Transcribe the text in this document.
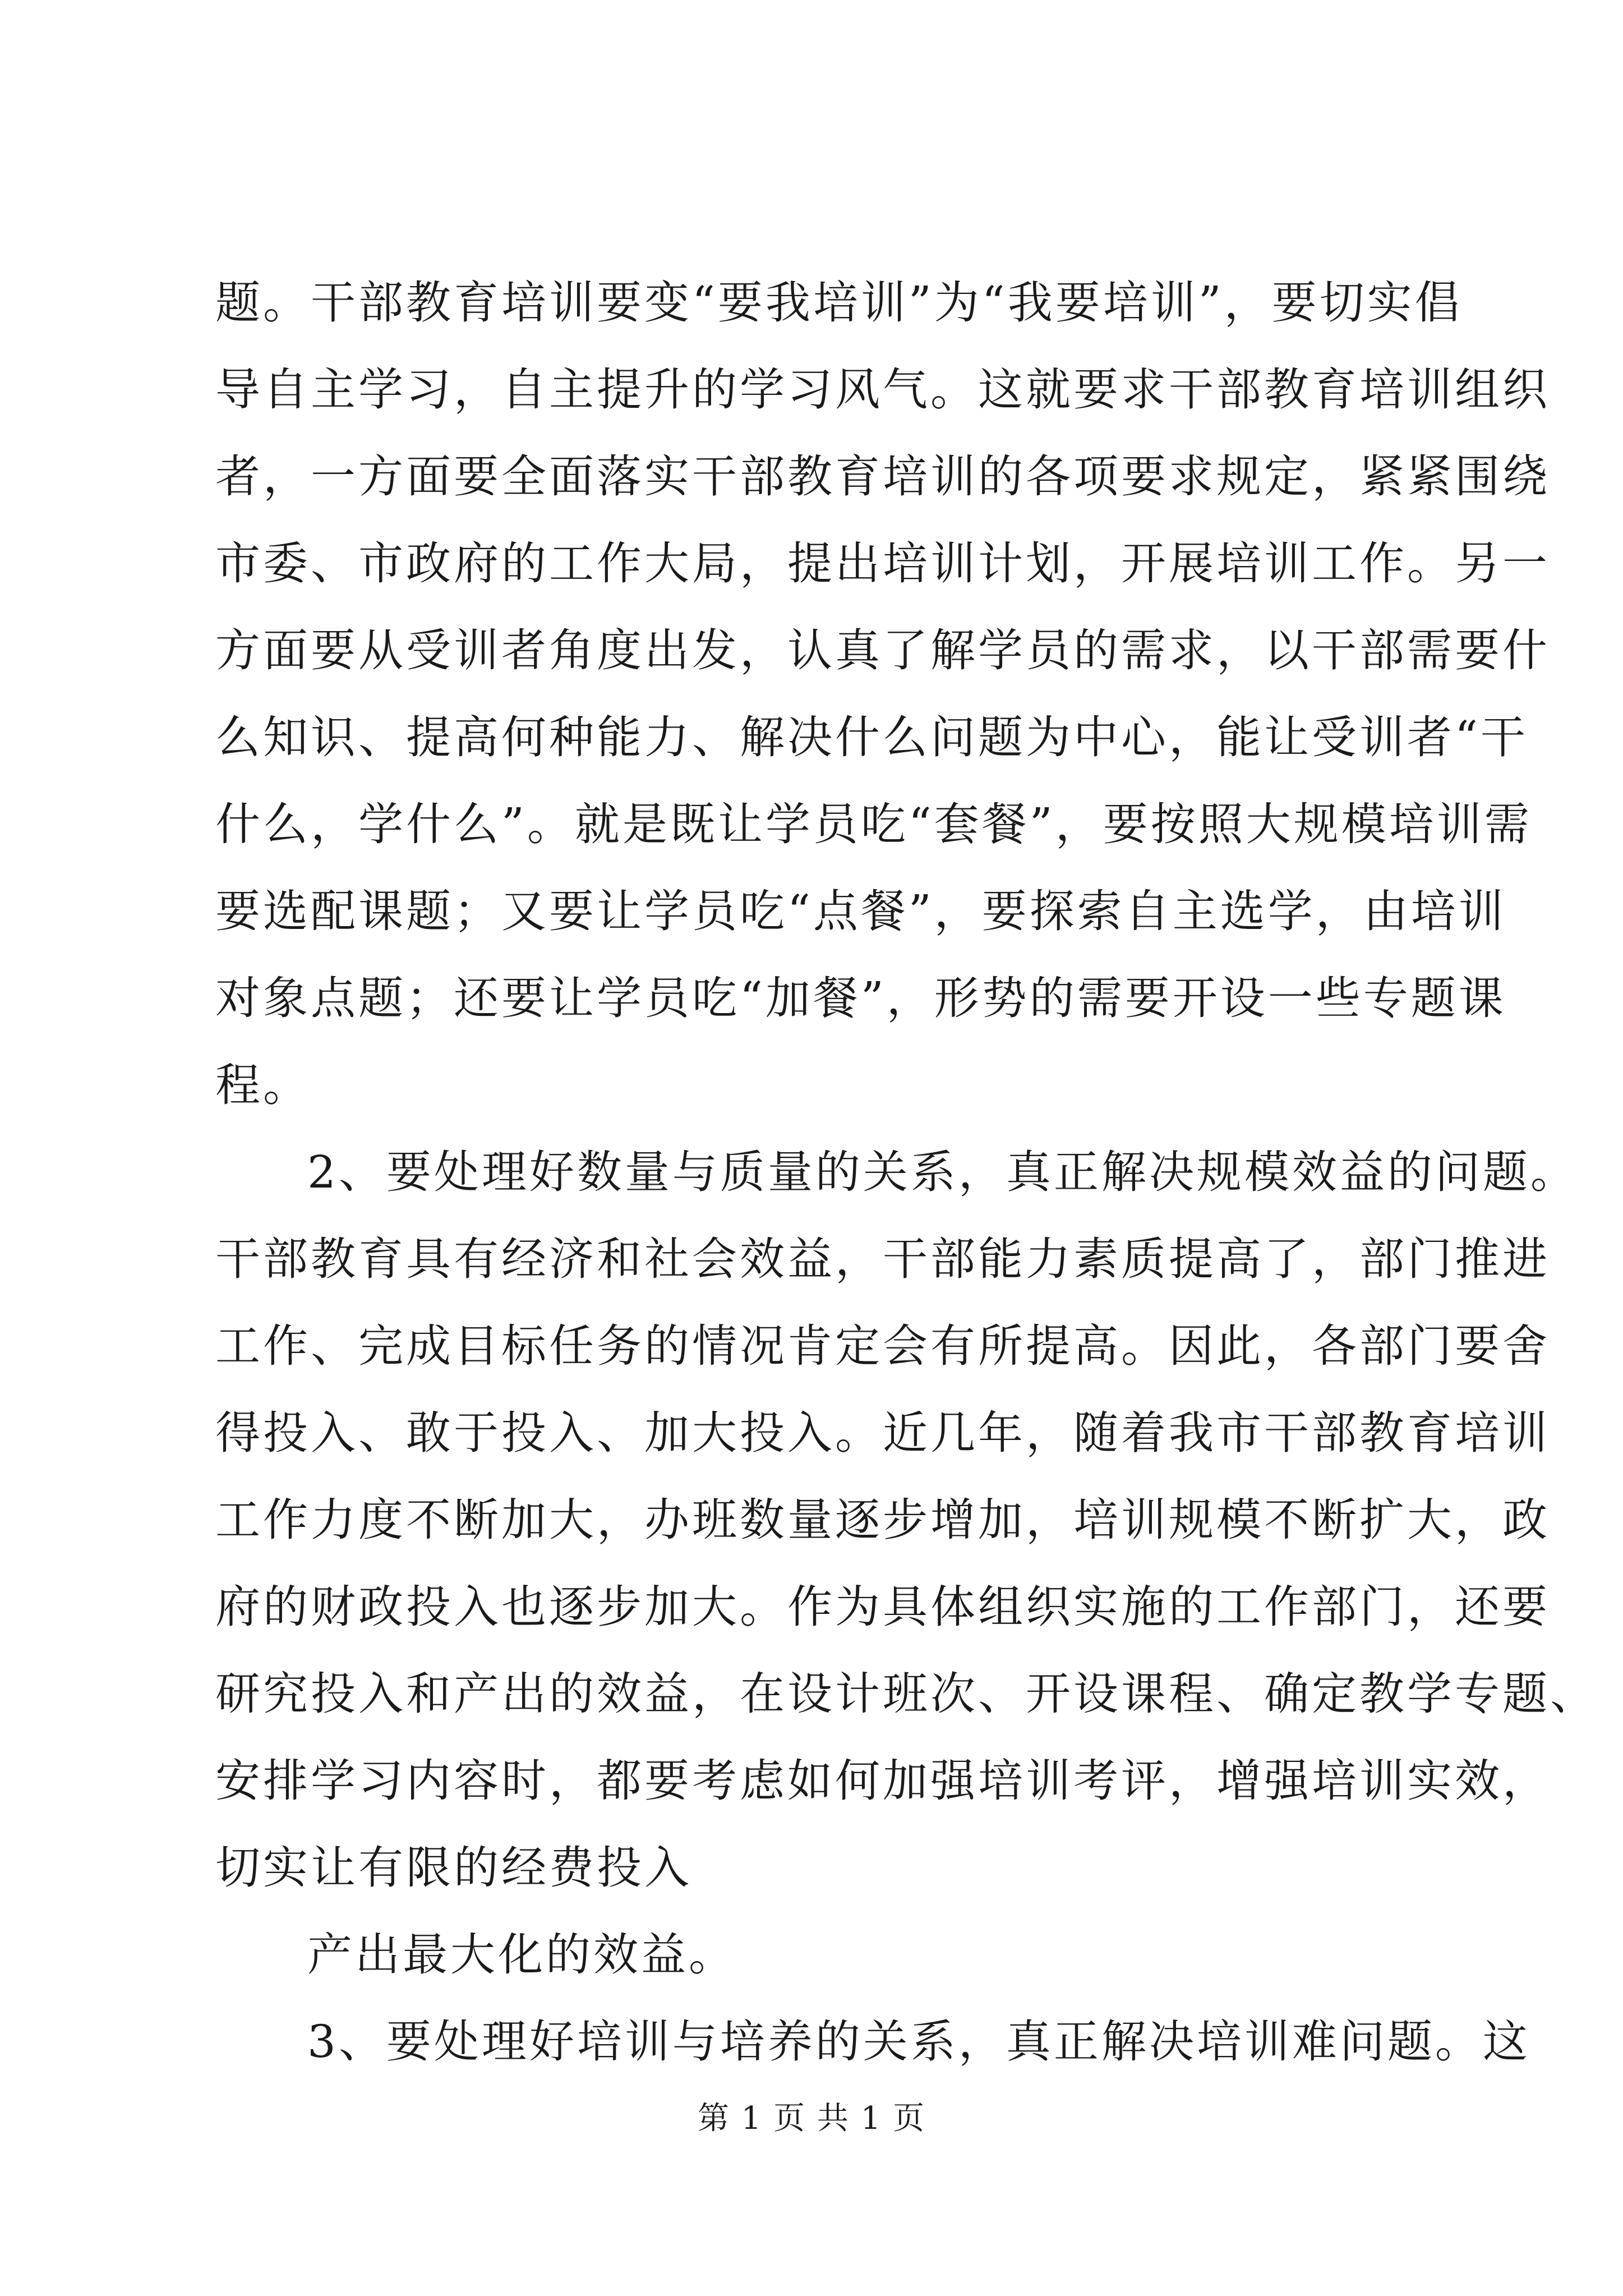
题。干部教育培训要变“要我培训”为“我要培训”，要切实倡
导自主学习，自主提升的学习风气。这就要求干部教育培训组织
者，一方面要全面落实干部教育培训的各项要求规定，紧紧围绕
市委、市政府的工作大局，提出培训计划，开展培训工作。另一
方面要从受训者角度出发，认真了解学员的需求，以干部需要什
么知识、提高何种能力、解决什么问题为中心，能让受训者“干
什么，学什么”。就是既让学员吃“套餐”，要按照大规模培训需
要选配课题；又要让学员吃“点餐”，要探索自主选学，由培训
对象点题；还要让学员吃“加餐”，形势的需要开设一些专题课
程。
2、要处理好数量与质量的关系，真正解决规模效益的问题。
干部教育具有经济和社会效益，干部能力素质提高了，部门推进
工作、完成目标任务的情况肯定会有所提高。因此，各部门要舍
得投入、敢于投入、加大投入。近几年，随着我市干部教育培训
工作力度不断加大，办班数量逐步增加，培训规模不断扩大，政
府的财政投入也逐步加大。作为具体组织实施的工作部门，还要
研究投入和产出的效益，在设计班次、开设课程、确定教学专题、
安排学习内容时，都要考虑如何加强培训考评，增强培训实效，
切实让有限的经费投入
产出最大化的效益。
3、要处理好培训与培养的关系，真正解决培训难问题。这
第 1 页 共 1 页
